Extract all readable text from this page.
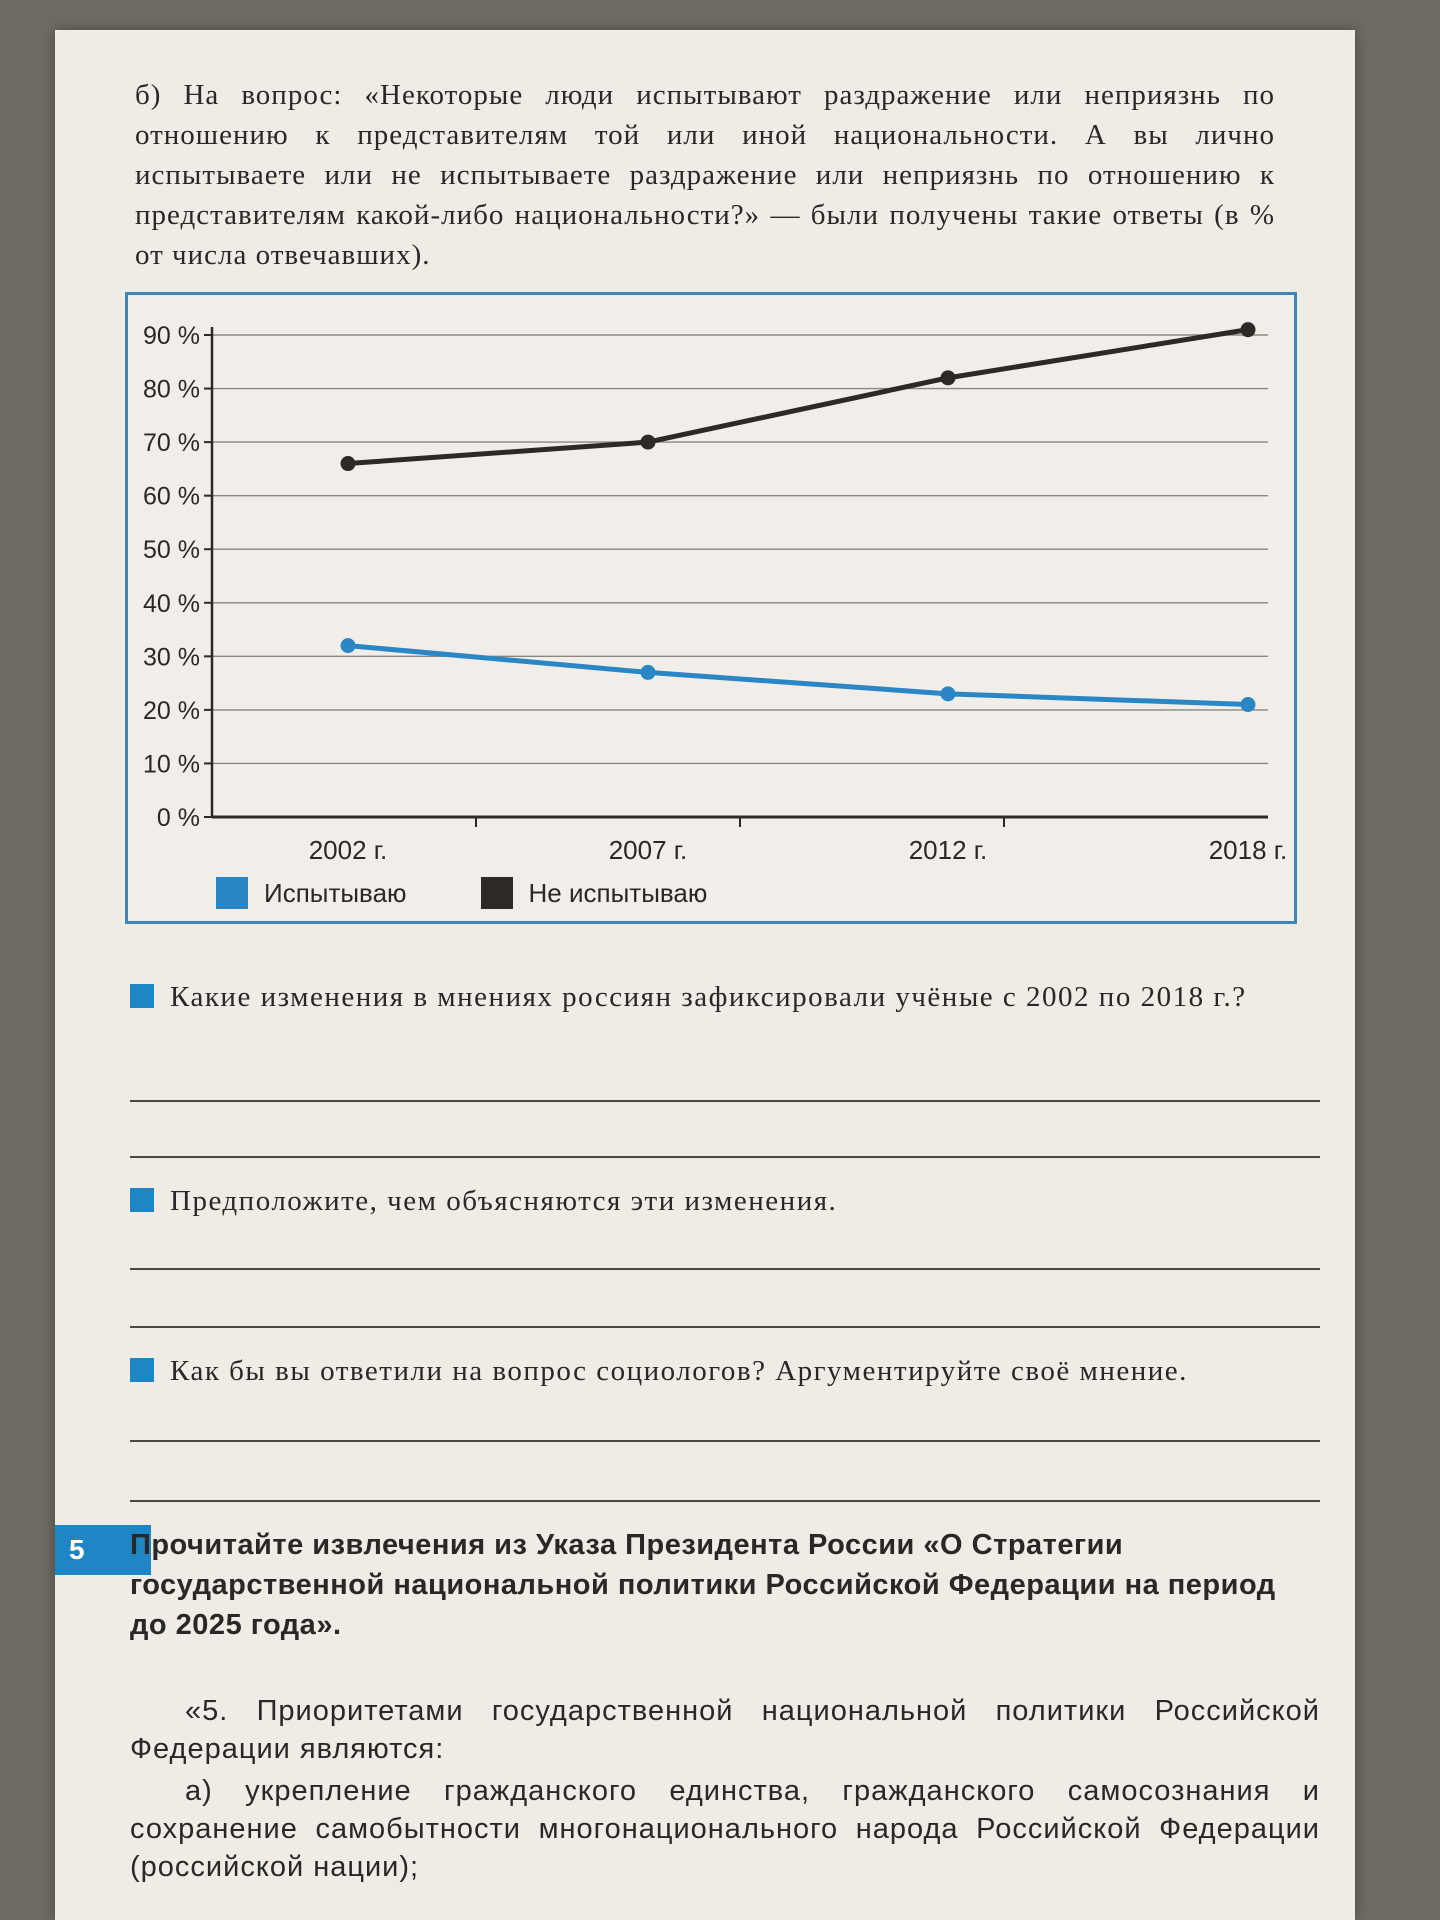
б) На вопрос: «Некоторые люди испытывают раздражение или неприязнь по отношению к представителям той или иной национальности. А вы лично испытываете или не испытываете раздражение или неприязнь по отношению к представителям какой-либо национальности?» — были получены такие ответы (в % от числа отвечавших).

0 %
10 %
20 %
30 %
40 %
50 %
60 %
70 %
80 %
90 %
2002 г.	2007 г.	2012 г.	2018 г.
Испытываю	Не испытываю

Какие изменения в мнениях россиян зафиксировали учёные с 2002 по 2018 г.?

Предположите, чем объясняются эти изменения.

Как бы вы ответили на вопрос социологов? Аргументируйте своё мнение.

5	Прочитайте извлечения из Указа Президента России «О Стратегии государственной национальной политики Российской Федерации на период до 2025 года».

«5. Приоритетами государственной национальной политики Российской Федерации являются:

а) укрепление гражданского единства, гражданского самосознания и сохранение самобытности многонационального народа Российской Федерации (российской нации);
